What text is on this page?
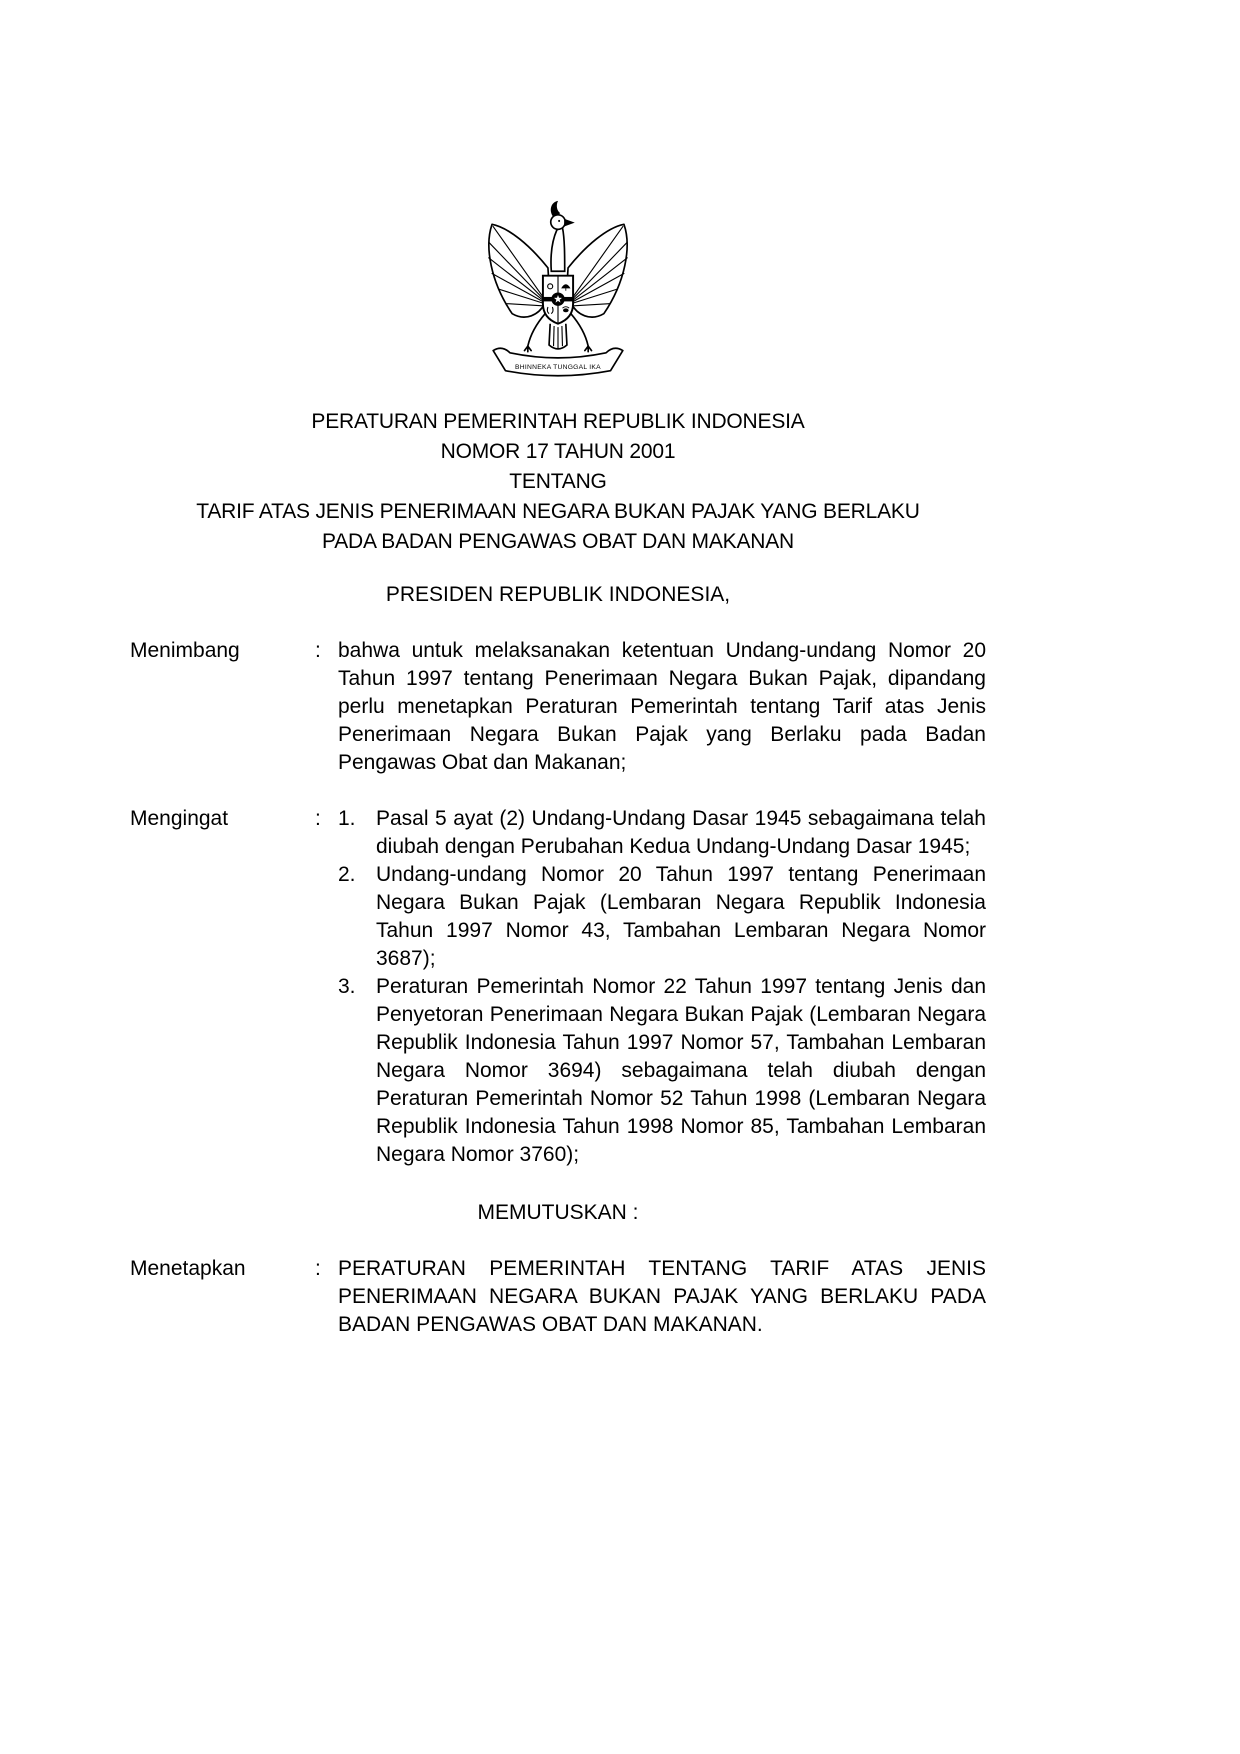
BHINNEKA TUNGGAL IKA
PERATURAN PEMERINTAH REPUBLIK INDONESIA
NOMOR 17 TAHUN 2001
TENTANG
TARIF ATAS JENIS PENERIMAAN NEGARA BUKAN PAJAK YANG BERLAKU
PADA BADAN PENGAWAS OBAT DAN MAKANAN
PRESIDEN REPUBLIK INDONESIA,
Menimbang	: bahwa untuk melaksanakan ketentuan Undang-undang Nomor 20 Tahun 1997 tentang Penerimaan Negara Bukan Pajak, dipandang perlu menetapkan Peraturan Pemerintah tentang Tarif atas Jenis Penerimaan Negara Bukan Pajak yang Berlaku pada Badan Pengawas Obat dan Makanan;
Mengingat	: 1. Pasal 5 ayat (2) Undang-Undang Dasar 1945 sebagaimana telah diubah dengan Perubahan Kedua Undang-Undang Dasar 1945;
2. Undang-undang Nomor 20 Tahun 1997 tentang Penerimaan Negara Bukan Pajak (Lembaran Negara Republik Indonesia Tahun 1997 Nomor 43, Tambahan Lembaran Negara Nomor 3687);
3. Peraturan Pemerintah Nomor 22 Tahun 1997 tentang Jenis dan Penyetoran Penerimaan Negara Bukan Pajak (Lembaran Negara Republik Indonesia Tahun 1997 Nomor 57, Tambahan Lembaran Negara Nomor 3694) sebagaimana telah diubah dengan Peraturan Pemerintah Nomor 52 Tahun 1998 (Lembaran Negara Republik Indonesia Tahun 1998 Nomor 85, Tambahan Lembaran Negara Nomor 3760);
MEMUTUSKAN :
Menetapkan	: PERATURAN PEMERINTAH TENTANG TARIF ATAS JENIS PENERIMAAN NEGARA BUKAN PAJAK YANG BERLAKU PADA BADAN PENGAWAS OBAT DAN MAKANAN.
